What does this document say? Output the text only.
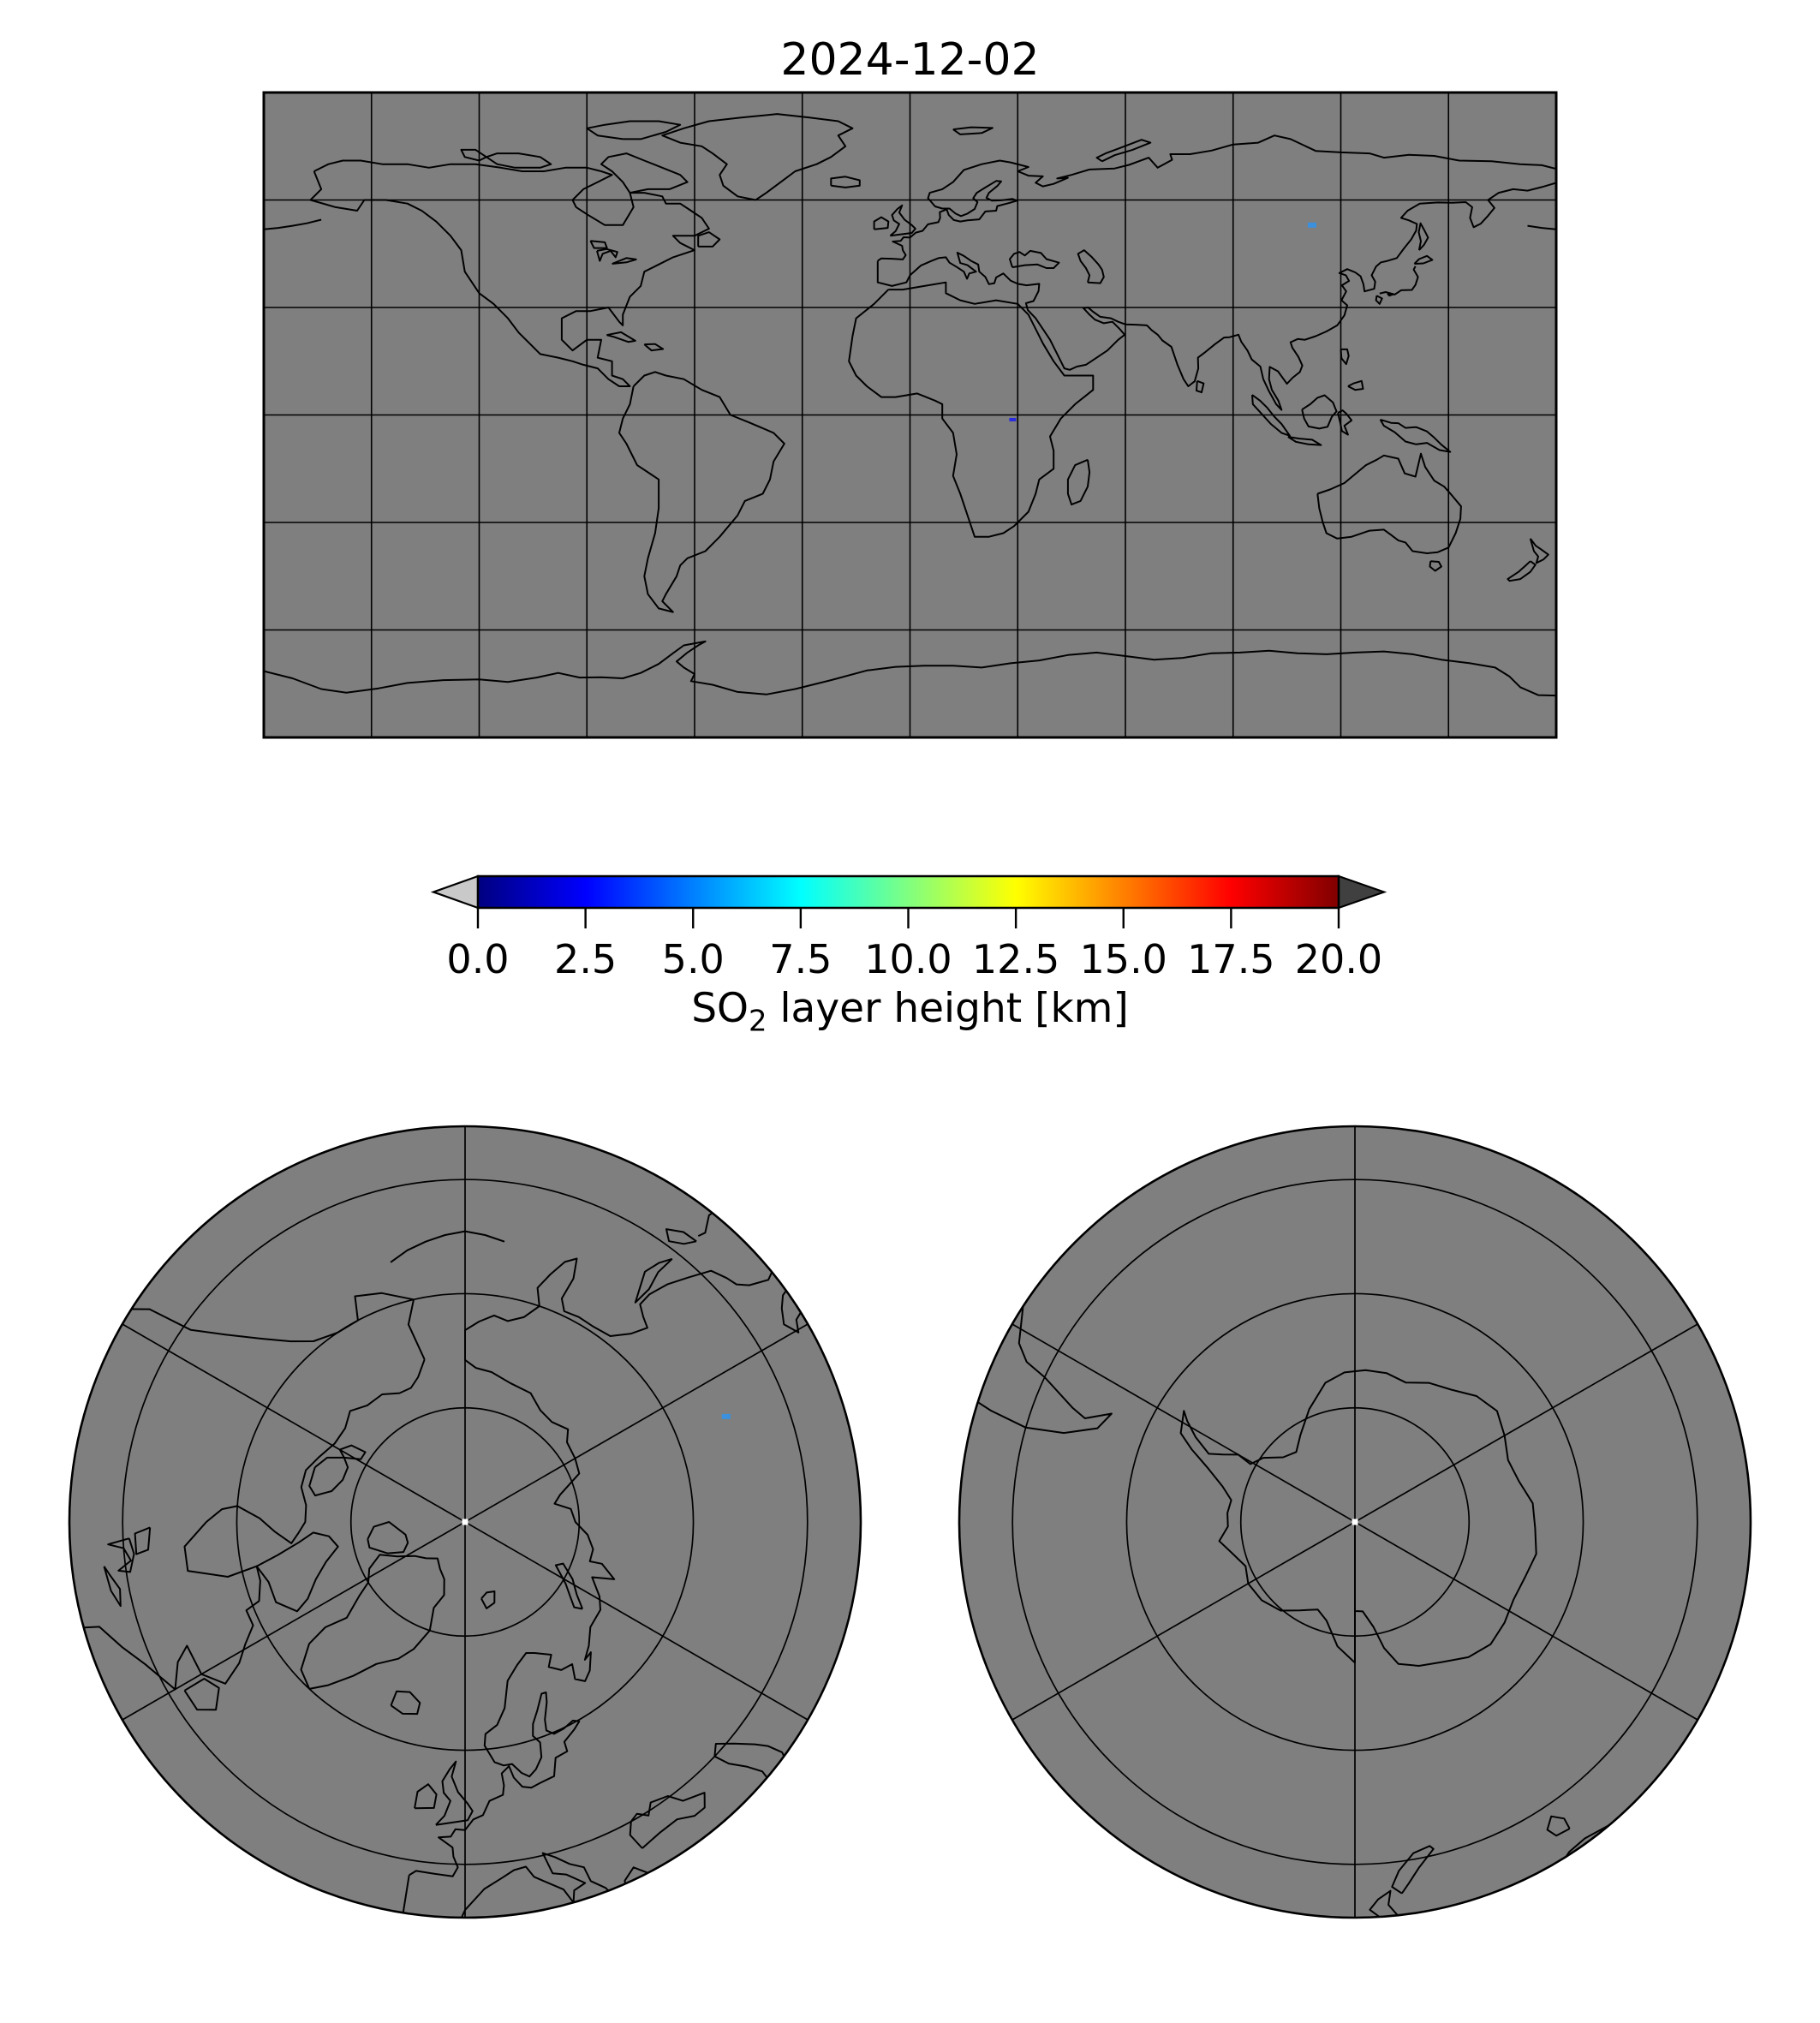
2024-12-02
0.0	2.5	5.0	7.5 10.0 12.5 15.0 17.5 20.0
$SO_2$ layer height [km]
